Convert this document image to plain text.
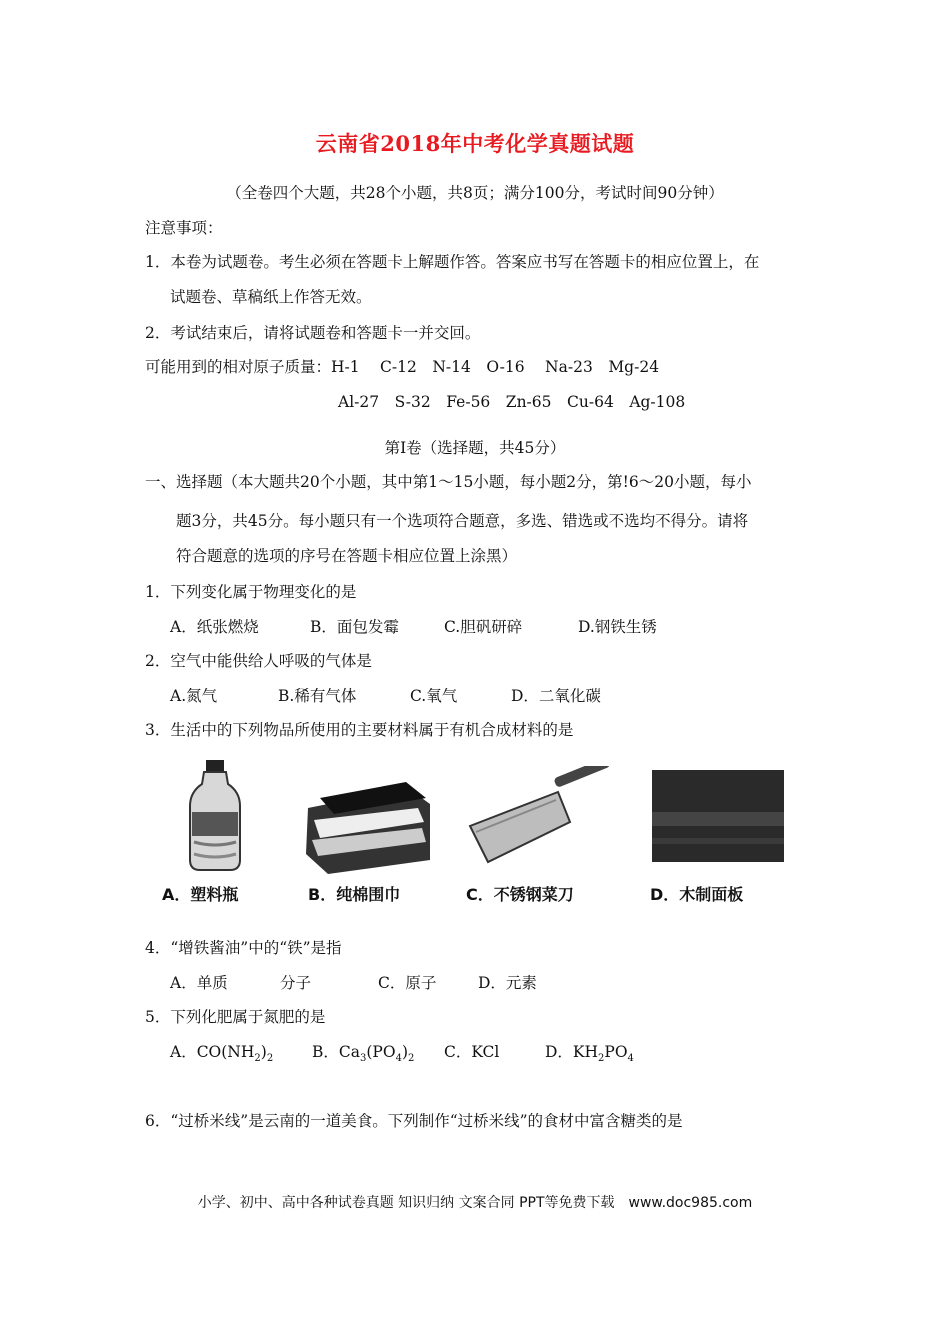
云南省2018年中考化学真题试题
（全卷四个大题，共28个小题，共8页；满分100分，考试时间90分钟）
注意事项：
1．本卷为试题卷。考生必须在答题卡上解题作答。答案应书写在答题卡的相应位置上，在
试题卷、草稿纸上作答无效。
2．考试结束后，请将试题卷和答题卡一并交回。
可能用到的相对原子质量：H-1　 C-12　N-14　O-16　 Na-23　Mg-24
Al-27　S-32　Fe-56　Zn-65　Cu-64　Ag-108
第Ⅰ卷（选择题，共45分）
一、选择题（本大题共20个小题，其中第1～15小题，每小题2分，第!6～20小题，每小
题3分，共45分。每小题只有一个选项符合题意，多选、错选或不选均不得分。请将
符合题意的选项的序号在答题卡相应位置上涂黑）
1．下列变化属于物理变化的是
A．纸张燃烧	B．面包发霉	C.胆矾研碎	D.钢铁生锈
2．空气中能供给人呼吸的气体是
A.氮气	B.稀有气体	C.氧气	D．二氧化碳
3．生活中的下列物品所使用的主要材料属于有机合成材料的是
A．塑料瓶	B．纯棉围巾	C．不锈钢菜刀	D．木制面板
4．“增铁酱油”中的“铁”是指
A．单质	分子	C．原子	D．元素
5．下列化肥属于氮肥的是
A．$CO(NH_2)_2$	B．$Ca_3(PO_4)_2$ C．KCl	D．$KH_2PO_4$
6．“过桥米线”是云南的一道美食。下列制作“过桥米线”的食材中富含糖类的是
小学、初中、高中各种试卷真题 知识归纳 文案合同 PPT等免费下载　www.doc985.com
